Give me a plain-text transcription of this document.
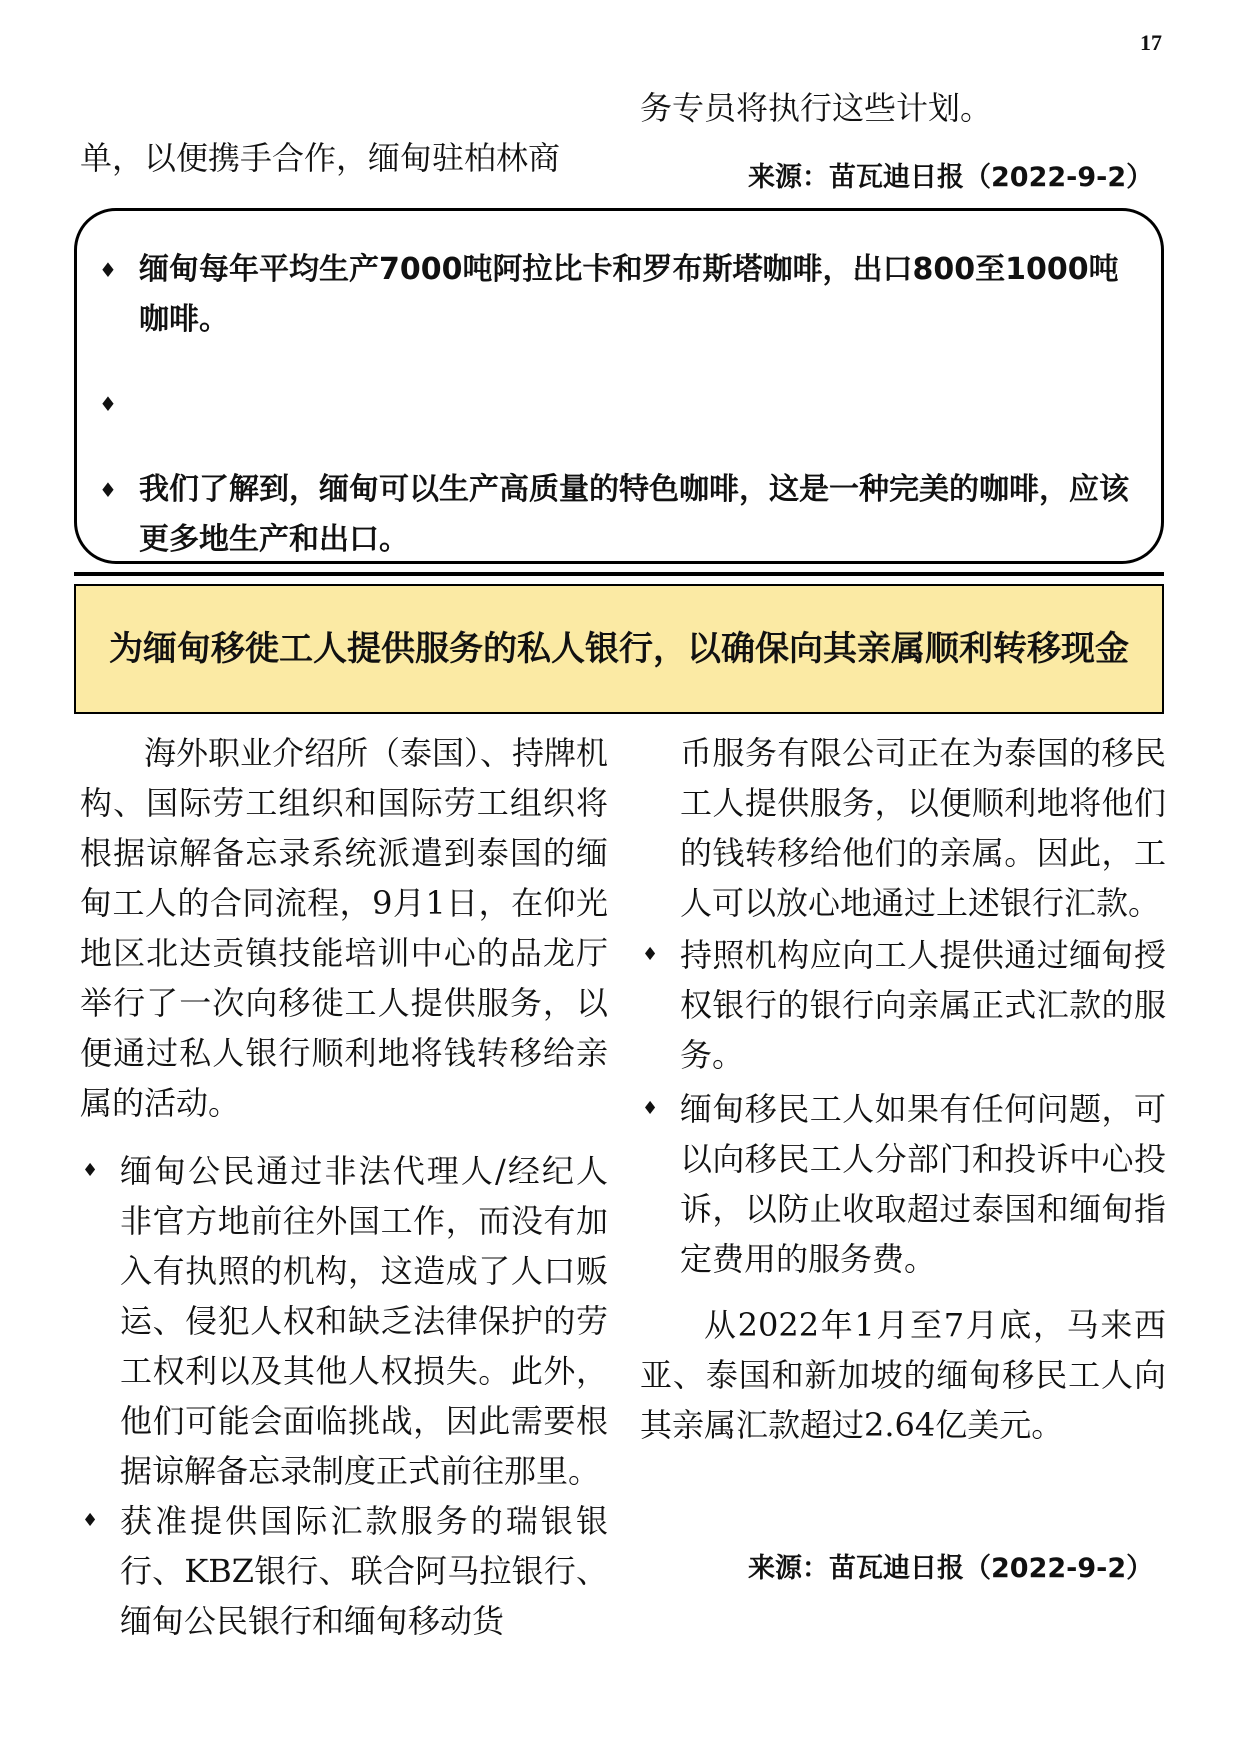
17
务专员将执行这些计划。
单，以便携手合作，缅甸驻柏林商
来源：苗瓦迪日报（2022-9-2）
♦ 缅甸每年平均生产7000吨阿拉比卡和罗布斯塔咖啡，出口800至1000吨咖啡。
♦
♦ 我们了解到，缅甸可以生产高质量的特色咖啡，这是一种完美的咖啡，应该更多地生产和出口。
为缅甸移徙工人提供服务的私人银行，以确保向其亲属顺利转移现金

海外职业介绍所（泰国）、持牌机构、国际劳工组织和国际劳工组织将根据谅解备忘录系统派遣到泰国的缅甸工人的合同流程，9月1日，在仰光地区北达贡镇技能培训中心的品龙厅举行了一次向移徙工人提供服务，以便通过私人银行顺利地将钱转移给亲属的活动。

♦ 缅甸公民通过非法代理人/经纪人非官方地前往外国工作，而没有加入有执照的机构，这造成了人口贩运、侵犯人权和缺乏法律保护的劳工权利以及其他人权损失。此外，他们可能会面临挑战，因此需要根据谅解备忘录制度正式前往那里。
♦ 获准提供国际汇款服务的瑞银银行、KBZ银行、联合阿马拉银行、缅甸公民银行和缅甸移动货

币服务有限公司正在为泰国的移民工人提供服务，以便顺利地将他们的钱转移给他们的亲属。因此，工人可以放心地通过上述银行汇款。

♦ 持照机构应向工人提供通过缅甸授权银行的银行向亲属正式汇款的服务。
♦ 缅甸移民工人如果有任何问题，可以向移民工人分部门和投诉中心投诉，以防止收取超过泰国和缅甸指定费用的服务费。

从2022年1月至7月底，马来西亚、泰国和新加坡的缅甸移民工人向其亲属汇款超过2.64亿美元。

来源：苗瓦迪日报（2022-9-2）
